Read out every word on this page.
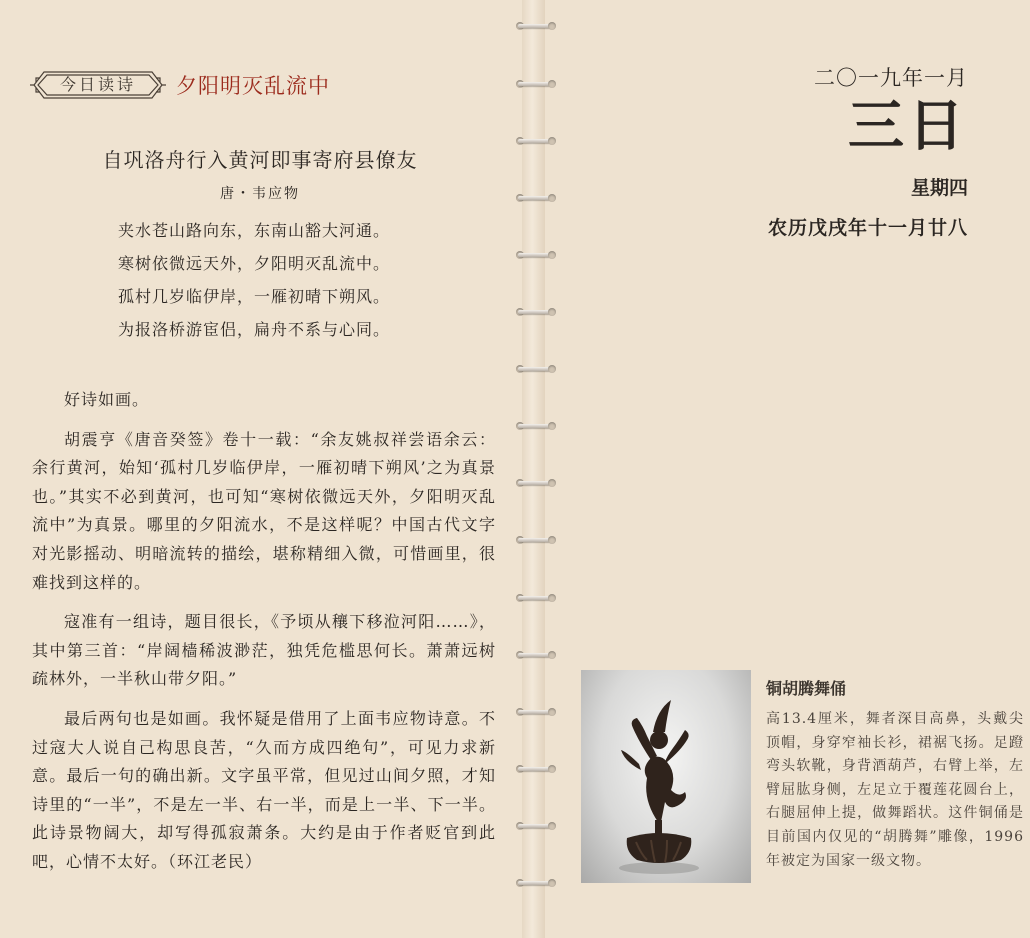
今日读诗	夕阳明灭乱流中
自巩洛舟行入黄河即事寄府县僚友
唐・韦应物
夹水苍山路向东，东南山豁大河通。
寒树依微远天外，夕阳明灭乱流中。
孤村几岁临伊岸，一雁初晴下朔风。
为报洛桥游宦侣，扁舟不系与心同。

好诗如画。

胡震亨《唐音癸签》卷十一载：“余友姚叔祥尝语余云：余行黄河，始知‘孤村几岁临伊岸，一雁初晴下朔风’之为真景也。”其实不必到黄河，也可知“寒树依微远天外，夕阳明灭乱流中”为真景。哪里的夕阳流水，不是这样呢？中国古代文字对光影摇动、明暗流转的描绘，堪称精细入微，可惜画里，很难找到这样的。

寇准有一组诗，题目很长，《予顷从穰下移涖河阳……》，其中第三首：“岸阔樯稀波渺茫，独凭危槛思何长。萧萧远树疏林外，一半秋山带夕阳。”

最后两句也是如画。我怀疑是借用了上面韦应物诗意。不过寇大人说自己构思良苦，“久而方成四绝句”，可见力求新意。最后一句的确出新。文字虽平常，但见过山间夕照，才知诗里的“一半”，不是左一半、右一半，而是上一半、下一半。此诗景物阔大，却写得孤寂萧条。大约是由于作者贬官到此吧，心情不太好。（环江老民）

二〇一九年一月
三日
星期四
农历戊戌年十一月廿八
铜胡腾舞俑

高13.4厘米，舞者深目高鼻，头戴尖顶帽，身穿窄袖长衫，裙裾飞扬。足蹬弯头软靴，身背酒葫芦，右臂上举，左臂屈肱身侧，左足立于覆莲花圆台上，右腿屈伸上提，做舞蹈状。这件铜俑是目前国内仅见的“胡腾舞”雕像，1996年被定为国家一级文物。
